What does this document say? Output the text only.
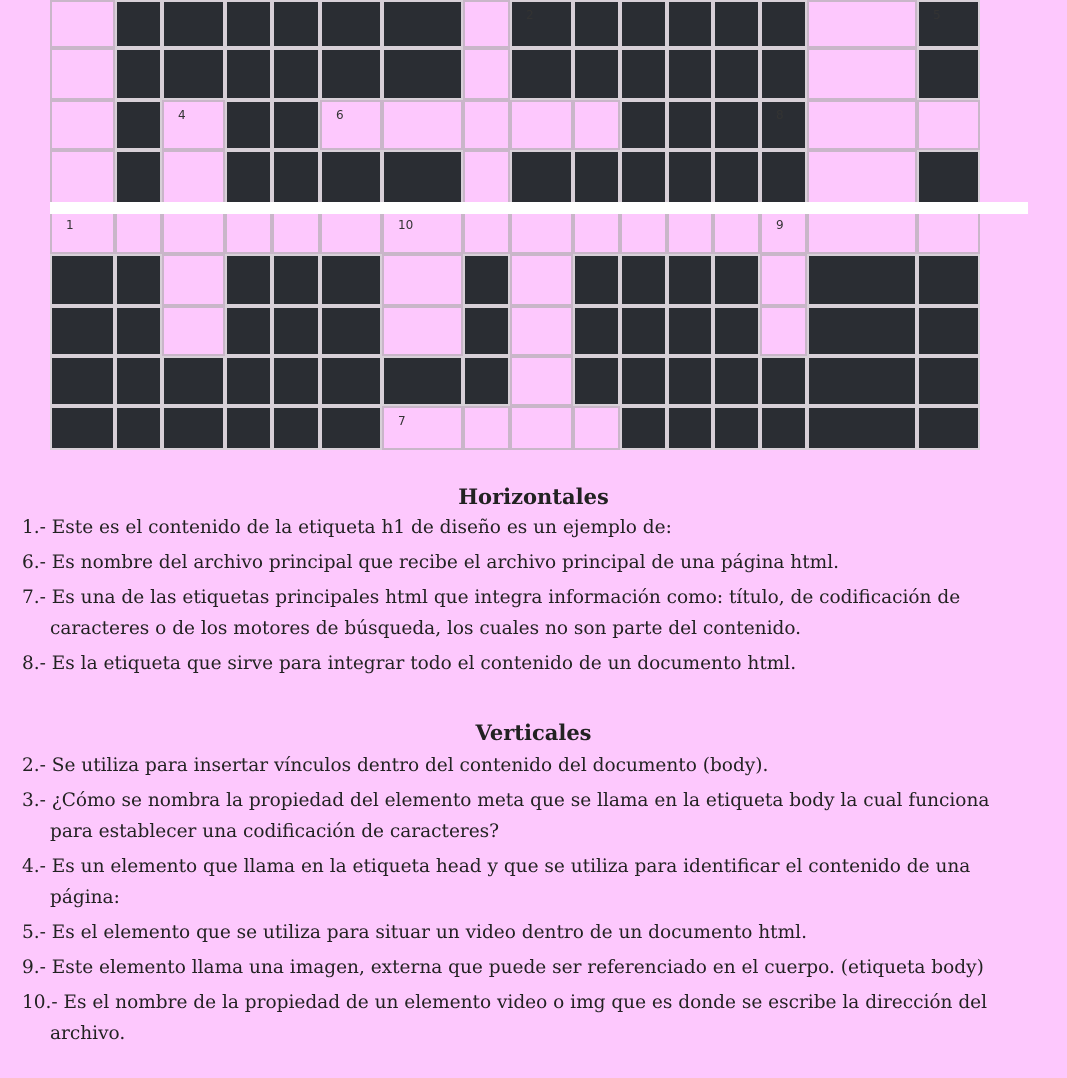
2	5
4	6	8
1	10	9
7
Horizontales
1.- Este es el contenido de la etiqueta h1 de diseño es un ejemplo de:
6.- Es nombre del archivo principal que recibe el archivo principal de una página html.
7.- Es una de las etiquetas principales html que integra información como: título, de codificación de
caracteres o de los motores de búsqueda, los cuales no son parte del contenido.
8.- Es la etiqueta que sirve para integrar todo el contenido de un documento html.
Verticales
2.- Se utiliza para insertar vínculos dentro del contenido del documento (body).
3.- ¿Cómo se nombra la propiedad del elemento meta que se llama en la etiqueta body la cual funciona
para establecer una codificación de caracteres?
4.- Es un elemento que llama en la etiqueta head y que se utiliza para identificar el contenido de una
página:
5.- Es el elemento que se utiliza para situar un video dentro de un documento html.
9.- Este elemento llama una imagen, externa que puede ser referenciado en el cuerpo. (etiqueta body)
10.- Es el nombre de la propiedad de un elemento video o img que es donde se escribe la dirección del
archivo.
